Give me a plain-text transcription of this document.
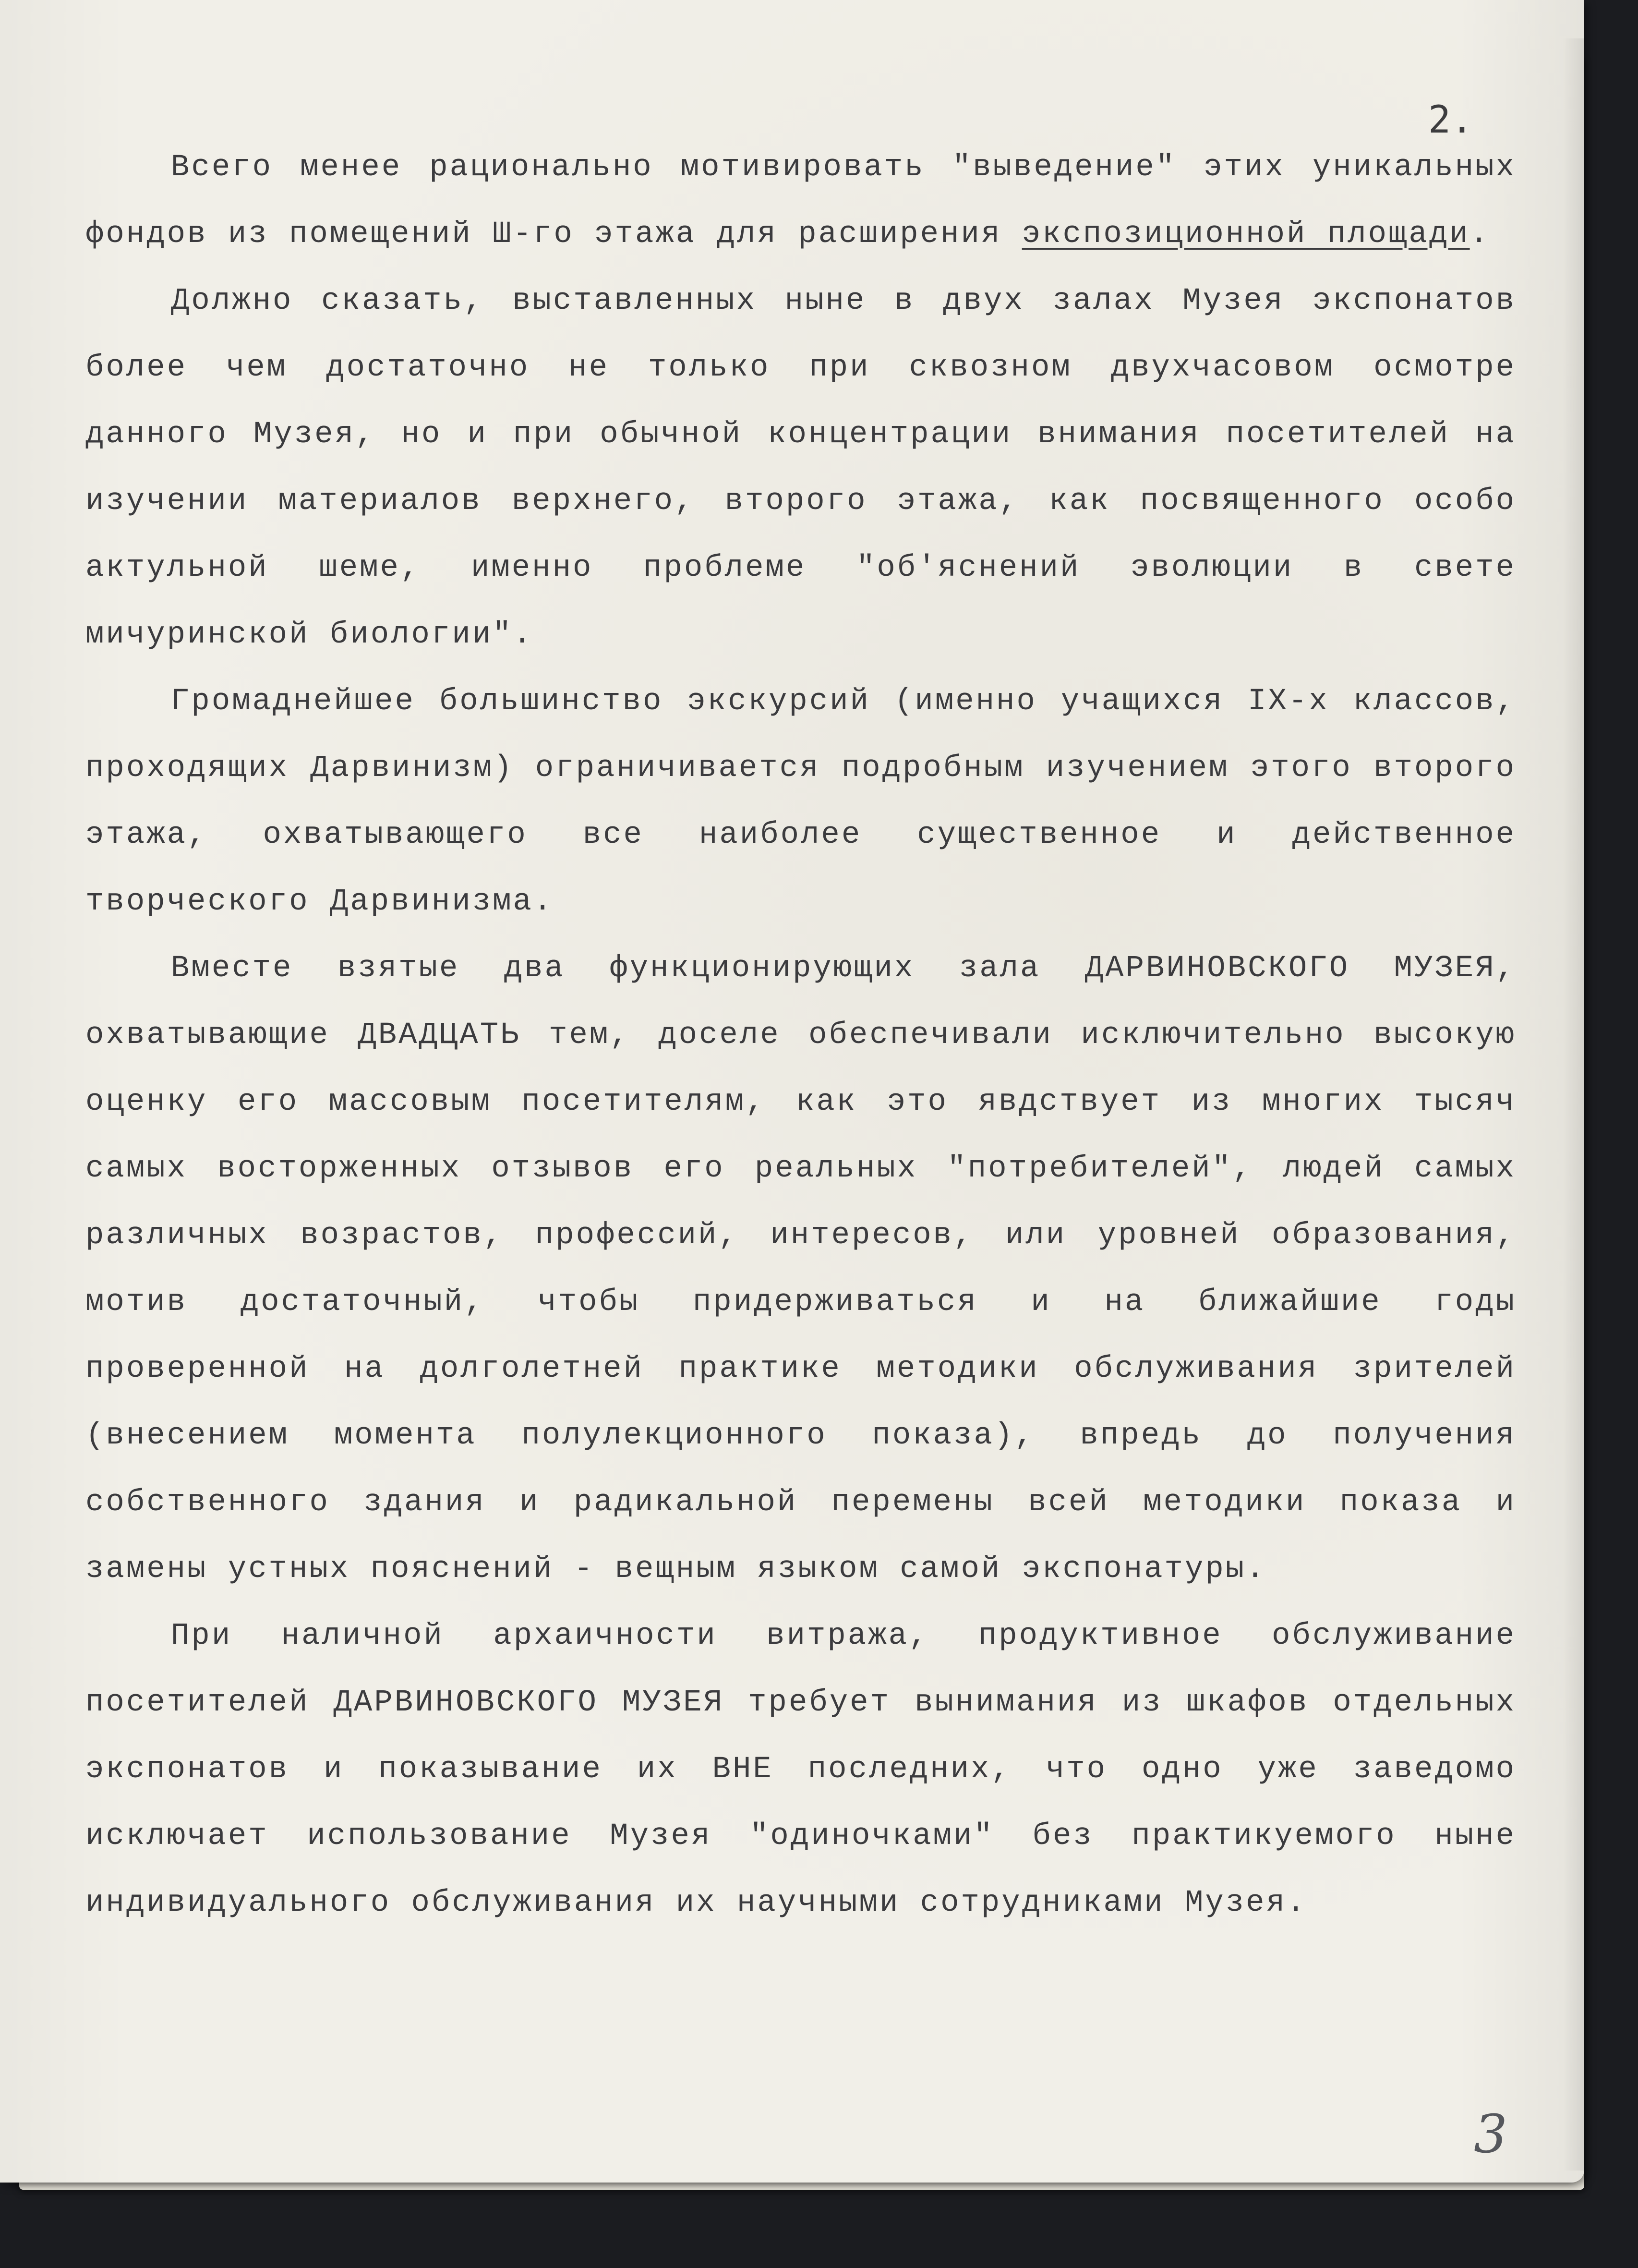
2.

Всего менее рационально мотивировать "выведение" этих уникальных фондов из помещений Ш-го этажа для расширения экспозиционной площади.

Должно сказать, выставленных ныне в двух залах Музея экспонатов более чем достаточно не только при сквозном двухчасовом осмотре данного Музея, но и при обычной концентрации внимания посетителей на изучении материалов верхнего, второго этажа, как посвященного особо актульной шеме, именно проблеме "об'яснений эволюции в свете мичуринской биологии".

Громаднейшее большинство экскурсий (именно учащихся IX-х классов, проходящих Дарвинизм) ограничивается подробным изучением этого второго этажа, охватывающего все наиболее существенное и действенное творческого Дарвинизма.

Вместе взятые два функционирующих зала ДАРВИНОВСКОГО МУЗЕЯ, охватывающие ДВАДЦАТЬ тем, доселе обеспечивали исключительно высокую оценку его массовым посетителям, как это явдствует из многих тысяч самых восторженных отзывов его реальных "потребителей", людей самых различных возрастов, профессий, интересов, или уровней образования, мотив достаточный, чтобы придерживаться и на ближайшие годы проверенной на долголетней практике методики обслуживания зрителей (внесением момента полулекционного показа), впредь до получения собственного здания и радикальной перемены всей методики показа и замены устных пояснений - вещным языком самой экспонатуры.

При наличной архаичности витража, продуктивное обслуживание посетителей ДАРВИНОВСКОГО МУЗЕЯ требует вынимания из шкафов отдельных экспонатов и показывание их ВНЕ последних, что одно уже заведомо исключает использование Музея "одиночками" без практикуемого ныне индивидуального обслуживания их научными сотрудниками Музея.

3
